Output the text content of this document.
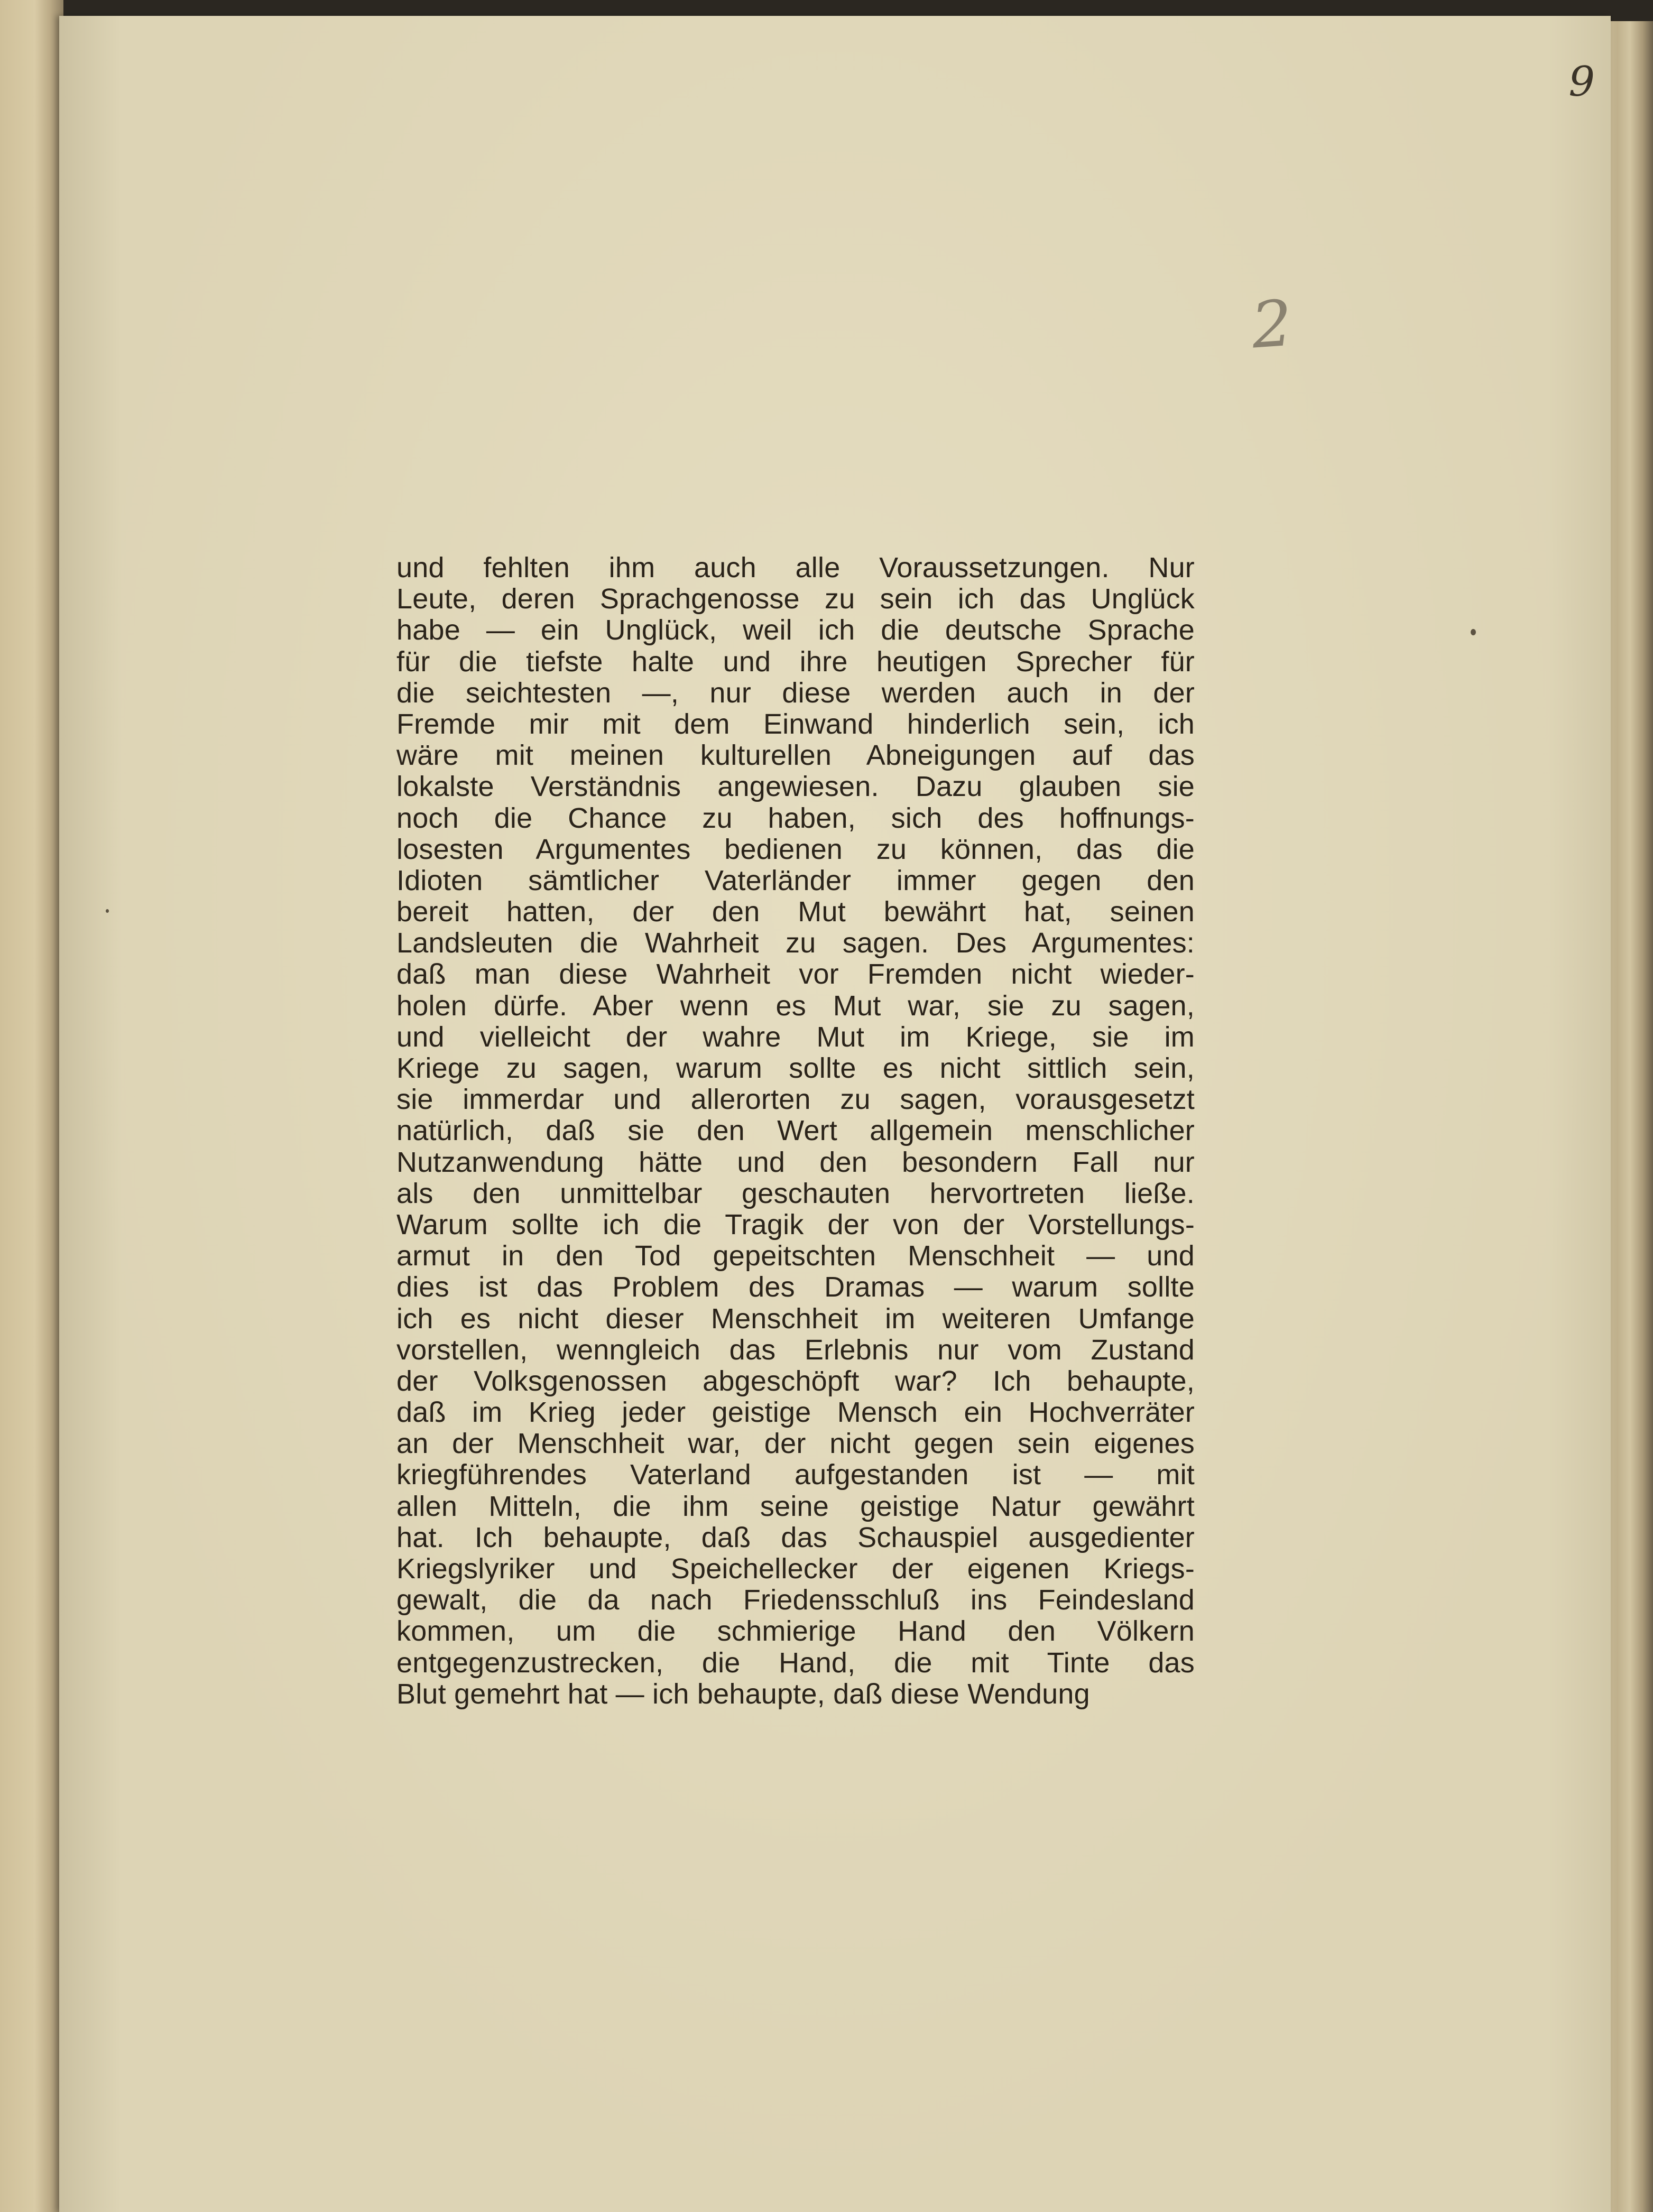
9
2
und fehlten ihm auch alle Voraussetzungen. Nur
Leute, deren Sprachgenosse zu sein ich das Unglück
habe — ein Unglück, weil ich die deutsche Sprache
für die tiefste halte und ihre heutigen Sprecher für
die seichtesten —, nur diese werden auch in der
Fremde mir mit dem Einwand hinderlich sein, ich
wäre mit meinen kulturellen Abneigungen auf das
lokalste Verständnis angewiesen. Dazu glauben sie
noch die Chance zu haben, sich des hoffnungs-
losesten Argumentes bedienen zu können, das die
Idioten sämtlicher Vaterländer immer gegen den
bereit hatten, der den Mut bewährt hat, seinen
Landsleuten die Wahrheit zu sagen. Des Argumentes:
daß man diese Wahrheit vor Fremden nicht wieder-
holen dürfe. Aber wenn es Mut war, sie zu sagen,
und vielleicht der wahre Mut im Kriege, sie im
Kriege zu sagen, warum sollte es nicht sittlich sein,
sie immerdar und allerorten zu sagen, vorausgesetzt
natürlich, daß sie den Wert allgemein menschlicher
Nutzanwendung hätte und den besondern Fall nur
als den unmittelbar geschauten hervortreten ließe.
Warum sollte ich die Tragik der von der Vorstellungs-
armut in den Tod gepeitschten Menschheit — und
dies ist das Problem des Dramas — warum sollte
ich es nicht dieser Menschheit im weiteren Umfange
vorstellen, wenngleich das Erlebnis nur vom Zustand
der Volksgenossen abgeschöpft war? Ich behaupte,
daß im Krieg jeder geistige Mensch ein Hochverräter
an der Menschheit war, der nicht gegen sein eigenes
kriegführendes Vaterland aufgestanden ist — mit
allen Mitteln, die ihm seine geistige Natur gewährt
hat. Ich behaupte, daß das Schauspiel ausgedienter
Kriegslyriker und Speichellecker der eigenen Kriegs-
gewalt, die da nach Friedensschluß ins Feindesland
kommen, um die schmierige Hand den Völkern
entgegenzustrecken, die Hand, die mit Tinte das
Blut gemehrt hat — ich behaupte, daß diese Wendung
